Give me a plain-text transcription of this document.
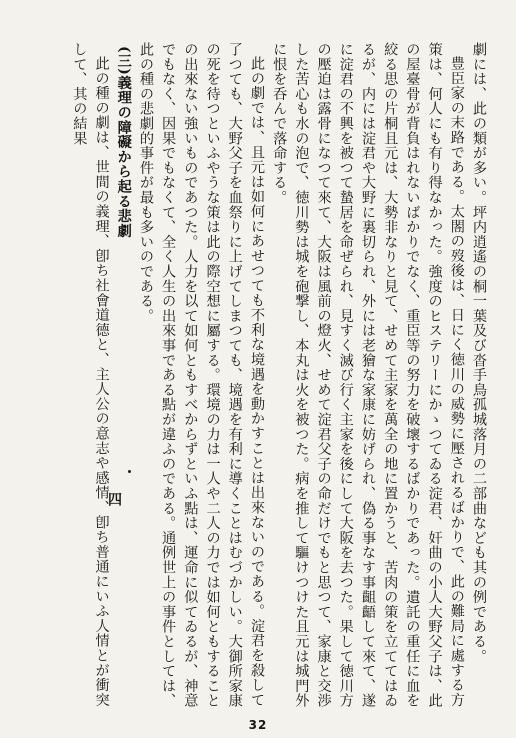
劇には、此の類が多い。坪内逍遙の桐一葉及び沓手鳥孤城落月の二部曲なども其の例である。

豊臣家の末路である。太閤の歿後は、日にく徳川の威勢に壓されるばかりで、此の難局に處する方策は、何人にも有り得なかった。強度のヒステリーにかゝつてゐる淀君、奸曲の小人大野父子は、此の屋臺骨が背負はれないばかりでなく、重臣等の努力を破壞するばかりであった。遺託の重任に血を絞る思の片桐且元は、大勢非なりと見て、せめて主家を萬全の地に置かうと、苦肉の策を立ててはゐるが、内には淀君や大野に裏切られ、外には老獪な家康に妨げられ、偽る事なす事齟齬して來て、遂に淀君の不興を被つて蟄居を命ぜられ、見すく滅び行く主家を後にして大阪を去つた。果して徳川方の壓迫は露骨になつて來て、大阪は風前の燈火、せめて淀君父子の命だけでもと思つて、家康と交渉した苦心も水の泡で、徳川勢は城を砲撃し、本丸は火を被つた。病を推して驅けつけた且元は城門外に恨を呑んで落命する。

此の劇では、且元は如何にあせつても不利な境遇を動かすことは出來ないのである。淀君を殺して了つても、大野父子を血祭りに上げてしまつても、境遇を有利に導くことはむづかしい。大御所家康の死を待つといふやうな策は此の際空想に屬する。環境の力は一人や二人の力では如何ともすることの出來ない強いものであつた。人力を以て如何ともすべからずといふ點は、運命に似てゐるが、神意でもなく、因果でもなくて、全く人生の出來事である點が違ふのである。通例世上の事件としては、此の種の悲劇的事件が最も多いのである。

(三)義理の障礙から起る悲劇

此の種の劇は、世間の義理、卽ち社會道德と、主人公の意志や感情、卽ち普通にいふ人情とが衝突して、其の結果

四
32
